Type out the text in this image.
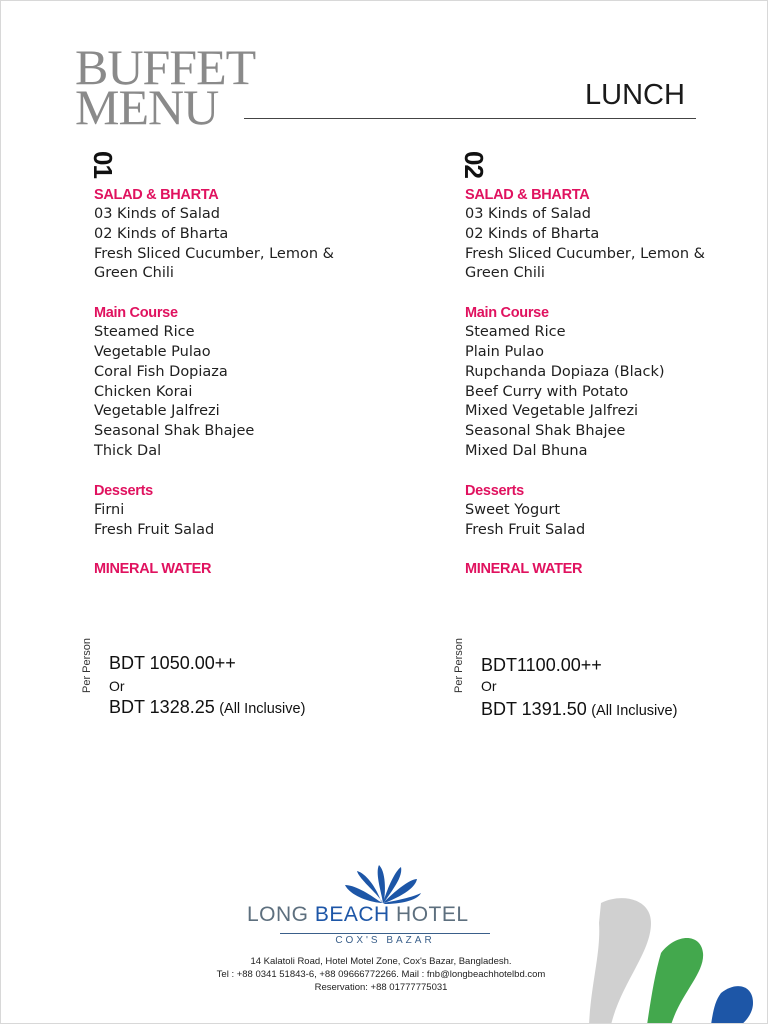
BUFFET
MENU	LUNCH
01
SALAD & BHARTA
03 Kinds of Salad
02 Kinds of Bharta
Fresh Sliced Cucumber, Lemon &
Green Chili
Main Course
Steamed Rice
Vegetable Pulao
Coral Fish Dopiaza
Chicken Korai
Vegetable Jalfrezi
Seasonal Shak Bhajee
Thick Dal
Desserts
Firni
Fresh Fruit Salad
MINERAL WATER
02
SALAD & BHARTA
03 Kinds of Salad
02 Kinds of Bharta
Fresh Sliced Cucumber, Lemon &
Green Chili
Main Course
Steamed Rice
Plain Pulao
Rupchanda Dopiaza (Black)
Beef Curry with Potato
Mixed Vegetable Jalfrezi
Seasonal Shak Bhajee
Mixed Dal Bhuna
Desserts
Sweet Yogurt
Fresh Fruit Salad
MINERAL WATER
Per Person BDT 1050.00++
Or
BDT 1328.25 (All Inclusive)
Per Person BDT1100.00++
Or
BDT 1391.50 (All Inclusive)
LONG BEACH HOTEL
COX'S BAZAR
14 Kalatoli Road, Hotel Motel Zone, Cox's Bazar, Bangladesh.
Tel : +88 0341 51843-6, +88 09666772266. Mail : fnb@longbeachhotelbd.com
Reservation: +88 01777775031
